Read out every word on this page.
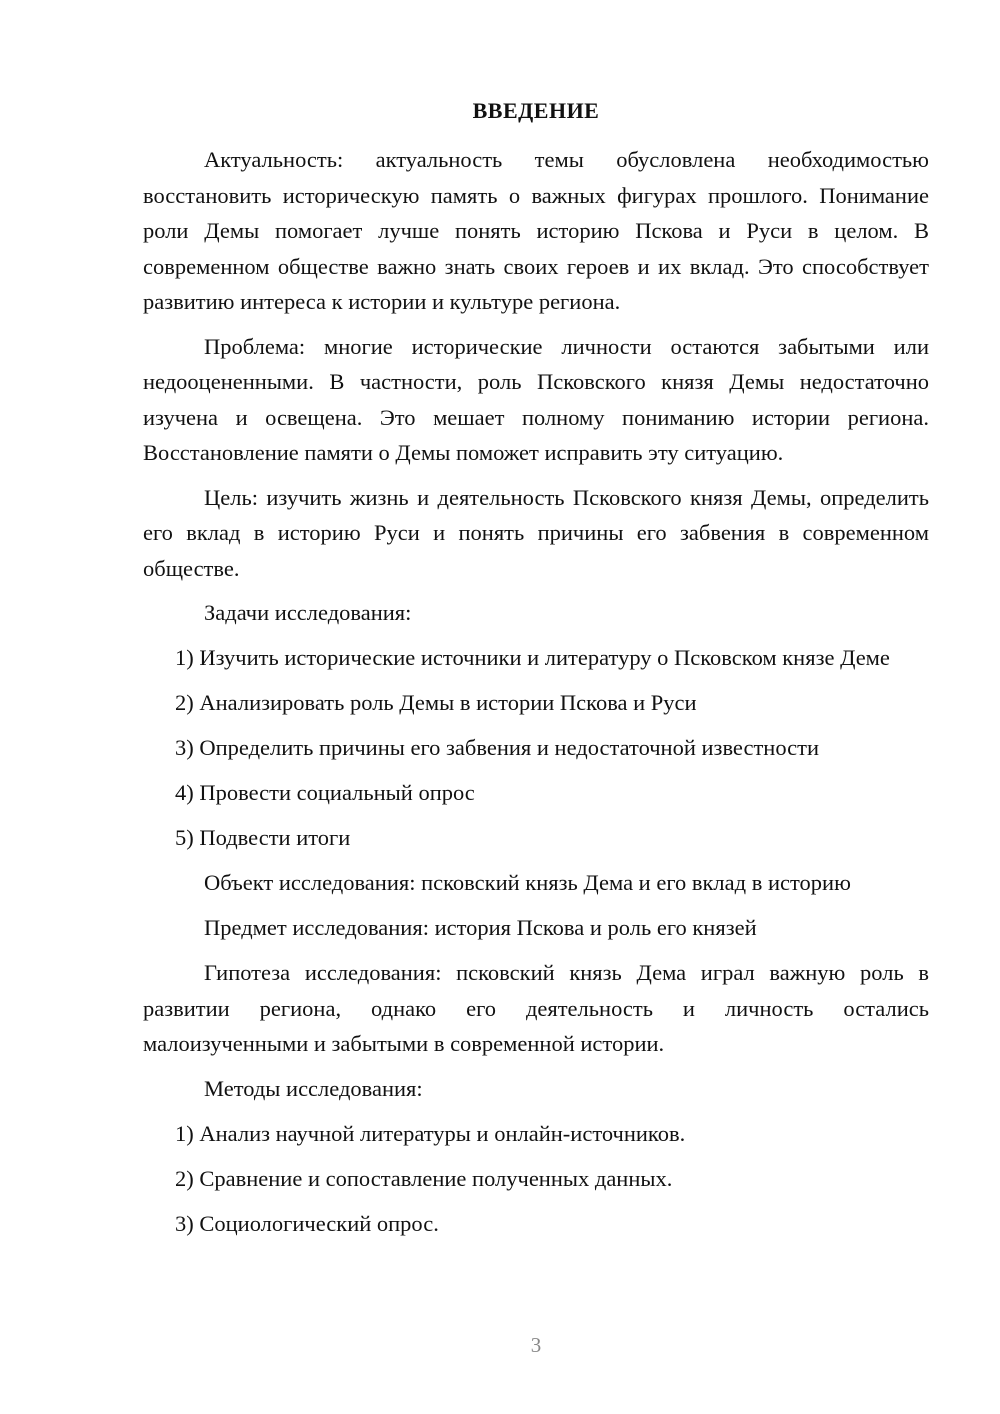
ВВЕДЕНИЕ

Актуальность: актуальность темы обусловлена необходимостью восстановить историческую память о важных фигурах прошлого. Понимание роли Демы помогает лучше понять историю Пскова и Руси в целом. В современном обществе важно знать своих героев и их вклад. Это способствует развитию интереса к истории и культуре региона.

Проблема: многие исторические личности остаются забытыми или недооцененными. В частности, роль Псковского князя Демы недостаточно изучена и освещена. Это мешает полному пониманию истории региона. Восстановление памяти о Демы поможет исправить эту ситуацию.

Цель: изучить жизнь и деятельность Псковского князя Демы, определить его вклад в историю Руси и понять причины его забвения в современном обществе.

Задачи исследования:

1) Изучить исторические источники и литературу о Псковском князе Деме

2) Анализировать роль Демы в истории Пскова и Руси

3) Определить причины его забвения и недостаточной известности

4) Провести социальный опрос

5) Подвести итоги

Объект исследования: псковский князь Дема и его вклад в историю

Предмет исследования: история Пскова и роль его князей

Гипотеза исследования: псковский князь Дема играл важную роль в развитии региона, однако его деятельность и личность остались малоизученными и забытыми в современной истории.

Методы исследования:

1) Анализ научной литературы и онлайн-источников.

2) Сравнение и сопоставление полученных данных.

3) Социологический опрос.

3
